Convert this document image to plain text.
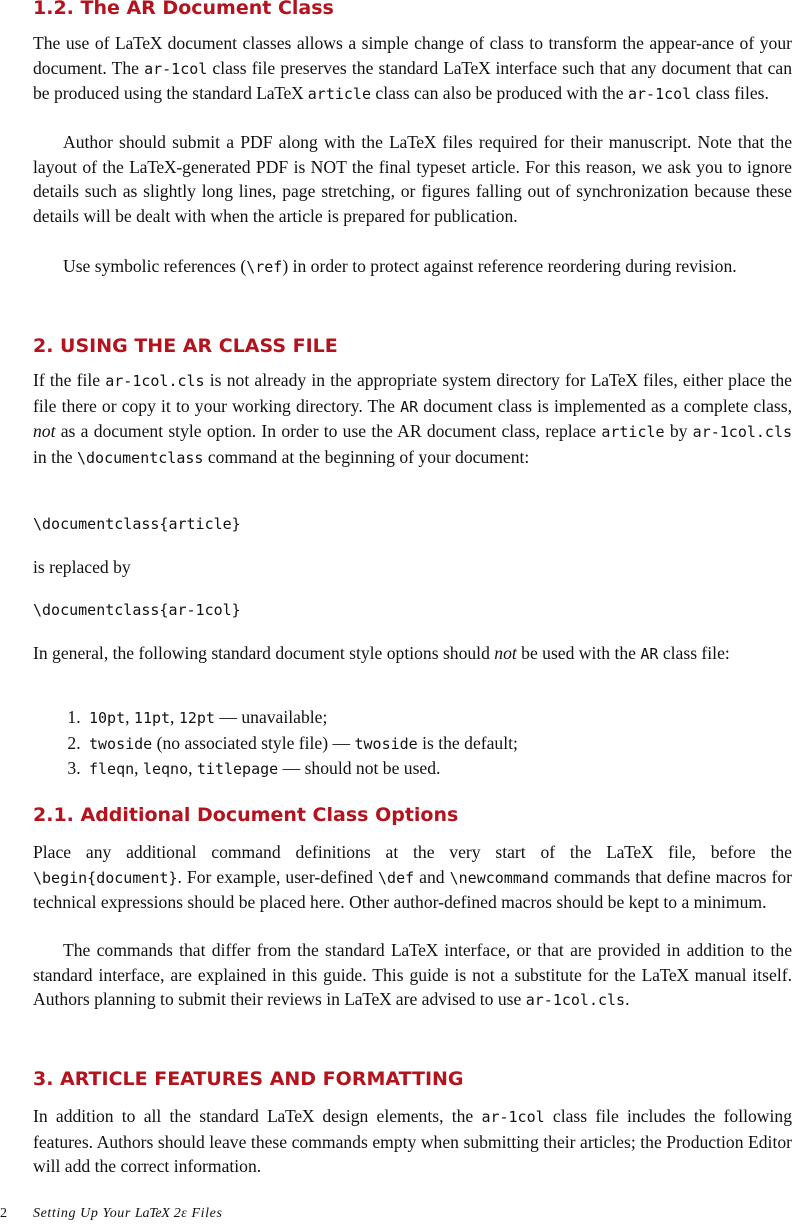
1.2. The AR Document Class
The use of LaTeX document classes allows a simple change of class to transform the appear-ance of your document. The ar-1col class file preserves the standard LaTeX interface such that any document that can be produced using the standard LaTeX article class can also be produced with the ar-1col class files.
Author should submit a PDF along with the LaTeX files required for their manuscript. Note that the layout of the LaTeX-generated PDF is NOT the final typeset article. For this reason, we ask you to ignore details such as slightly long lines, page stretching, or figures falling out of synchronization because these details will be dealt with when the article is prepared for publication.
Use symbolic references (\ref) in order to protect against reference reordering during revision.
2. USING THE AR CLASS FILE
If the file ar-1col.cls is not already in the appropriate system directory for LaTeX files, either place the file there or copy it to your working directory. The AR document class is implemented as a complete class, not as a document style option. In order to use the AR document class, replace article by ar-1col.cls in the \documentclass command at the beginning of your document:
\documentclass{article}
is replaced by
\documentclass{ar-1col}
In general, the following standard document style options should not be used with the AR class file:
1. 10pt, 11pt, 12pt — unavailable;
2. twoside (no associated style file) — twoside is the default;
3. fleqn, leqno, titlepage — should not be used.
2.1. Additional Document Class Options
Place any additional command definitions at the very start of the LaTeX file, before the \begin{document}. For example, user-defined \def and \newcommand commands that define macros for technical expressions should be placed here. Other author-defined macros should be kept to a minimum.
The commands that differ from the standard LaTeX interface, or that are provided in addition to the standard interface, are explained in this guide. This guide is not a substitute for the LaTeX manual itself. Authors planning to submit their reviews in LaTeX are advised to use ar-1col.cls.
3. ARTICLE FEATURES AND FORMATTING
In addition to all the standard LaTeX design elements, the ar-1col class file includes the following features. Authors should leave these commands empty when submitting their articles; the Production Editor will add the correct information.
2 Setting Up Your LaTeX 2ε Files
